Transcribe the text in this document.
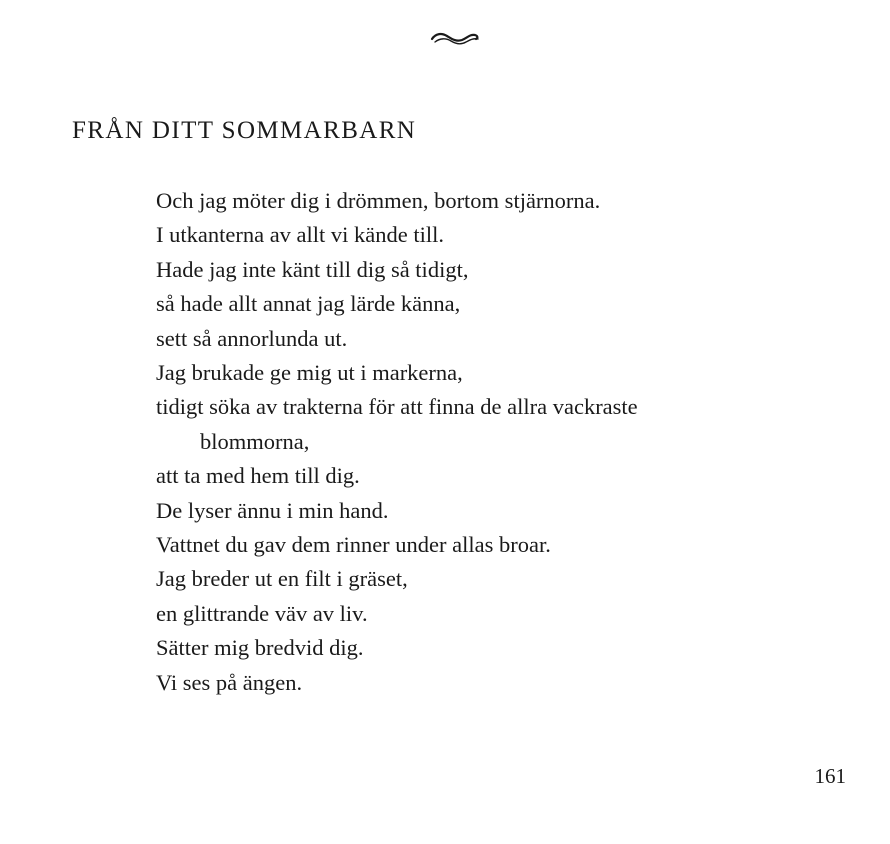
FRÅN DITT SOMMARBARN
Och jag möter dig i drömmen, bortom stjärnorna.
I utkanterna av allt vi kände till.
Hade jag inte känt till dig så tidigt,
så hade allt annat jag lärde känna,
sett så annorlunda ut.
Jag brukade ge mig ut i markerna,
tidigt söka av trakterna för att finna de allra vackraste
blommorna,
att ta med hem till dig.
De lyser ännu i min hand.
Vattnet du gav dem rinner under allas broar.
Jag breder ut en filt i gräset,
en glittrande väv av liv.
Sätter mig bredvid dig.
Vi ses på ängen.
161
